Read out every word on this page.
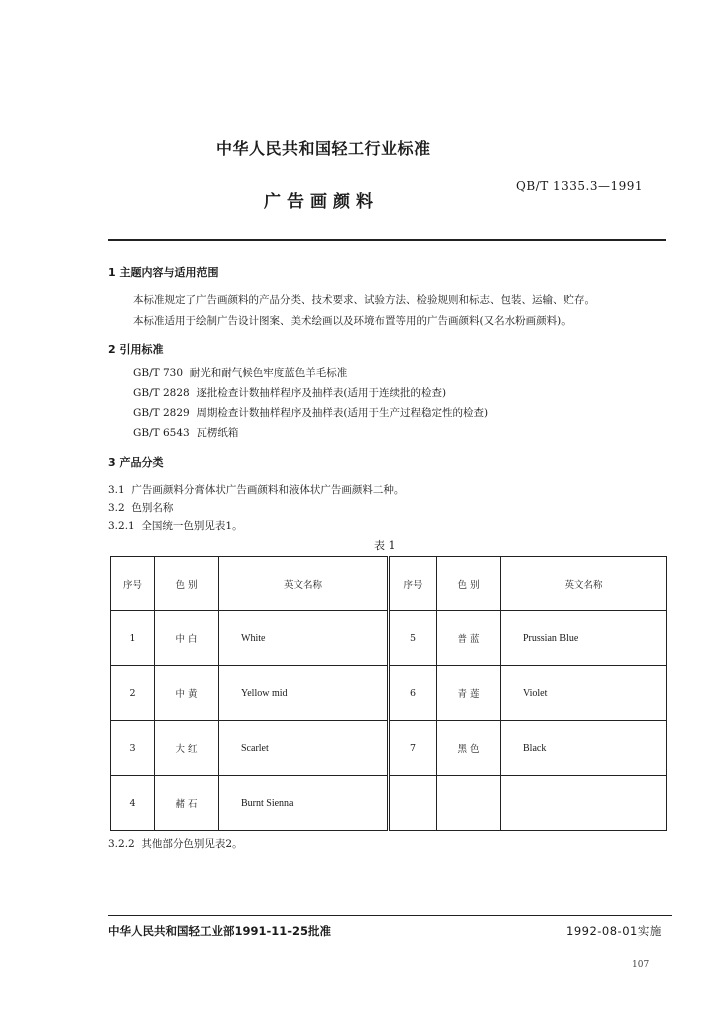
中华人民共和国轻工行业标准
广告画颜料
QB/T 1335.3—1991
1 主题内容与适用范围
本标准规定了广告画颜料的产品分类、技术要求、试验方法、检验规则和标志、包装、运输、贮存。
本标准适用于绘制广告设计图案、美术绘画以及环境布置等用的广告画颜料(又名水粉画颜料)。
2 引用标准
GB/T 730  耐光和耐气候色牢度蓝色羊毛标准
GB/T 2828  逐批检查计数抽样程序及抽样表(适用于连续批的检查)
GB/T 2829  周期检查计数抽样程序及抽样表(适用于生产过程稳定性的检查)
GB/T 6543  瓦楞纸箱
3 产品分类
3.1  广告画颜料分膏体状广告画颜料和液体状广告画颜料二种。
3.2  色别名称
3.2.1  全国统一色别见表1。
表 1
序号	色 别	英文名称	序号	色 别	英文名称
1	中 白	White	5	普 蓝	Prussian Blue
2	中 黄	Yellow mid	6	青 莲	Violet
3	大 红	Scarlet	7	黑 色	Black
4	赭 石	Burnt Sienna			
3.2.2  其他部分色别见表2。
中华人民共和国轻工业部1991-11-25批准	1992-08-01实施
107
